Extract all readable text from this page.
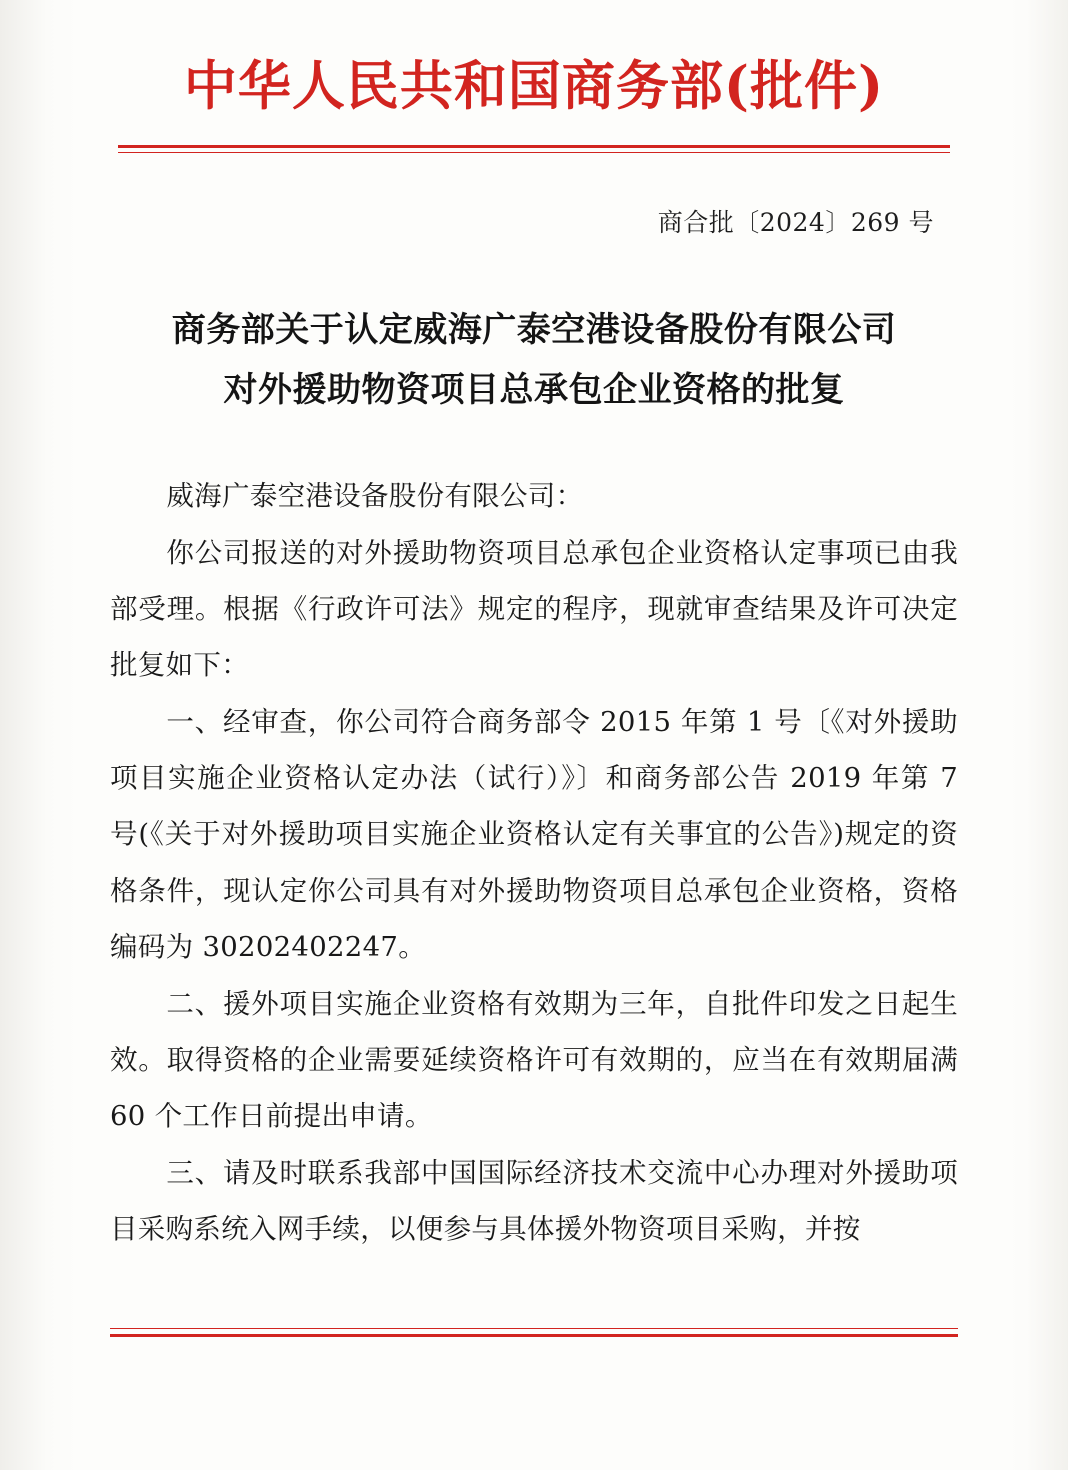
中华人民共和国商务部(批件)
商合批〔2024〕269 号
商务部关于认定威海广泰空港设备股份有限公司
对外援助物资项目总承包企业资格的批复

威海广泰空港设备股份有限公司：

你公司报送的对外援助物资项目总承包企业资格认定事项已由我部受理。根据《行政许可法》规定的程序，现就审查结果及许可决定批复如下：

一、经审查，你公司符合商务部令 2015 年第 1 号〔《对外援助项目实施企业资格认定办法（试行）》〕和商务部公告 2019 年第 7 号(《关于对外援助项目实施企业资格认定有关事宜的公告》)规定的资格条件，现认定你公司具有对外援助物资项目总承包企业资格，资格编码为 30202402247。

二、援外项目实施企业资格有效期为三年，自批件印发之日起生效。取得资格的企业需要延续资格许可有效期的，应当在有效期届满 60 个工作日前提出申请。

三、请及时联系我部中国国际经济技术交流中心办理对外援助项目采购系统入网手续，以便参与具体援外物资项目采购，并按
